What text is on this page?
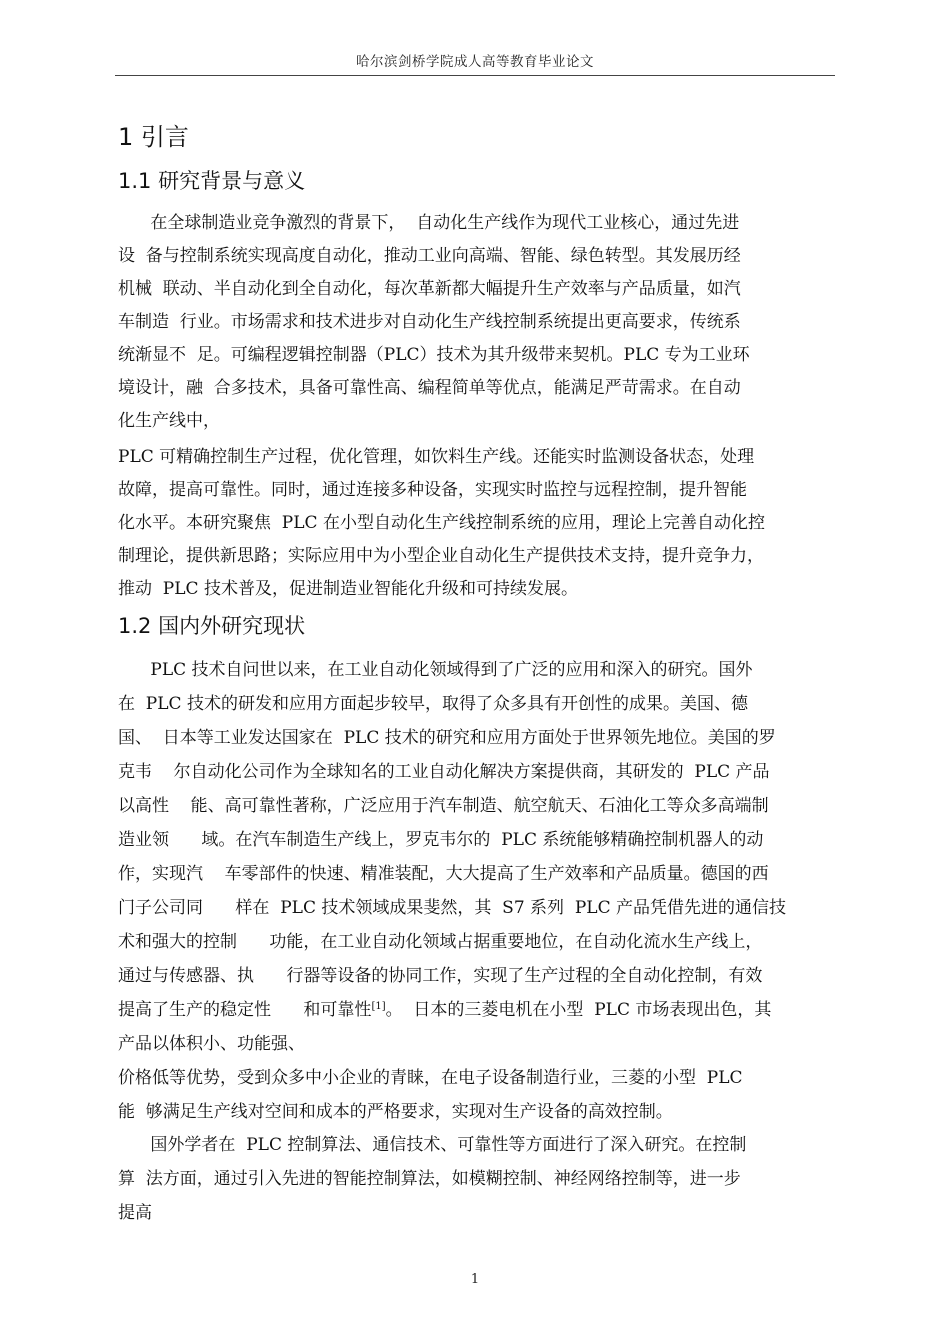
哈尔滨剑桥学院成人高等教育毕业论文
1 引言
1.1 研究背景与意义
在全球制造业竞争激烈的背景下，  自动化生产线作为现代工业核心，通过先进
设  备与控制系统实现高度自动化，推动工业向高端、智能、绿色转型。其发展历经
机械  联动、半自动化到全自动化，每次革新都大幅提升生产效率与产品质量，如汽
车制造  行业。市场需求和技术进步对自动化生产线控制系统提出更高要求，传统系
统渐显不  足。可编程逻辑控制器（PLC）技术为其升级带来契机。PLC 专为工业环
境设计，融  合多技术，具备可靠性高、编程简单等优点，能满足严苛需求。在自动
化生产线中，
PLC 可精确控制生产过程，优化管理，如饮料生产线。还能实时监测设备状态，处理
故障，提高可靠性。同时，通过连接多种设备，实现实时监控与远程控制，提升智能
化水平。本研究聚焦  PLC 在小型自动化生产线控制系统的应用，理论上完善自动化控
制理论，提供新思路；实际应用中为小型企业自动化生产提供技术支持，提升竞争力，
推动  PLC 技术普及，促进制造业智能化升级和可持续发展。
1.2 国内外研究现状
PLC 技术自问世以来，在工业自动化领域得到了广泛的应用和深入的研究。国外
在  PLC 技术的研发和应用方面起步较早，取得了众多具有开创性的成果。美国、德
国、  日本等工业发达国家在  PLC 技术的研究和应用方面处于世界领先地位。美国的罗
克韦    尔自动化公司作为全球知名的工业自动化解决方案提供商，其研发的  PLC 产品
以高性    能、高可靠性著称，广泛应用于汽车制造、航空航天、石油化工等众多高端制
造业领      域。在汽车制造生产线上，罗克韦尔的  PLC 系统能够精确控制机器人的动
作，实现汽    车零部件的快速、精准装配，大大提高了生产效率和产品质量。德国的西
门子公司同      样在  PLC 技术领域成果斐然，其  S7 系列  PLC 产品凭借先进的通信技
术和强大的控制      功能，在工业自动化领域占据重要地位，在自动化流水生产线上，
通过与传感器、执      行器等设备的协同工作，实现了生产过程的全自动化控制，有效
提高了生产的稳定性      和可靠性[1]。  日本的三菱电机在小型  PLC 市场表现出色，其
产品以体积小、功能强、
价格低等优势，受到众多中小企业的青睐，在电子设备制造行业，三菱的小型  PLC
能  够满足生产线对空间和成本的严格要求，实现对生产设备的高效控制。
国外学者在  PLC 控制算法、通信技术、可靠性等方面进行了深入研究。在控制
算  法方面，通过引入先进的智能控制算法，如模糊控制、神经网络控制等，进一步
提高
1
